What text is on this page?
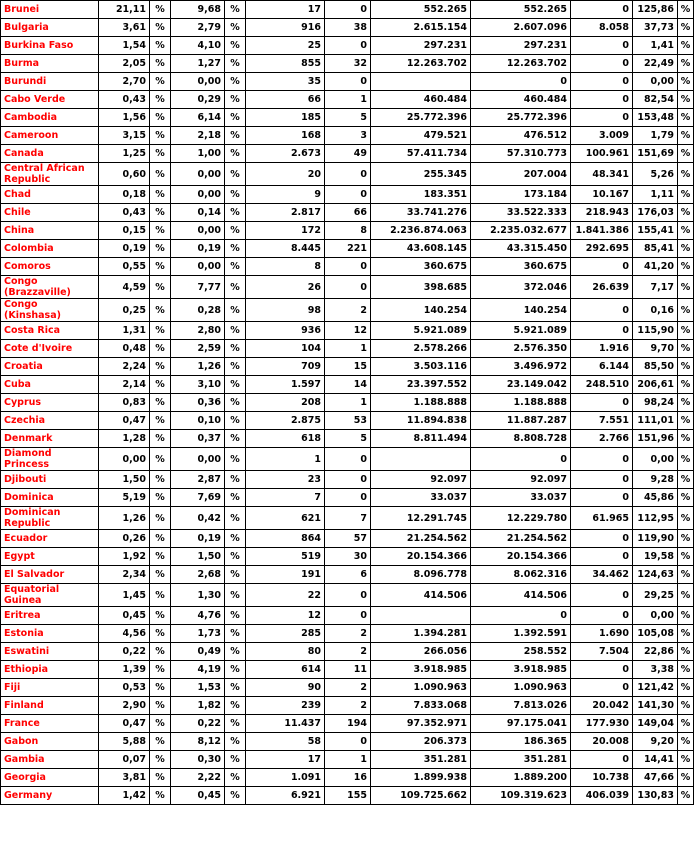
Brunei	21,11	%	9,68	%	17	0	552.265	552.265	0	125,86	%
Bulgaria	3,61	%	2,79	%	916	38	2.615.154	2.607.096	8.058	37,73	%
Burkina Faso	1,54	%	4,10	%	25	0	297.231	297.231	0	1,41	%
Burma	2,05	%	1,27	%	855	32	12.263.702	12.263.702	0	22,49	%
Burundi	2,70	%	0,00	%	35	0		0	0	0,00	%
Cabo Verde	0,43	%	0,29	%	66	1	460.484	460.484	0	82,54	%
Cambodia	1,56	%	6,14	%	185	5	25.772.396	25.772.396	0	153,48	%
Cameroon	3,15	%	2,18	%	168	3	479.521	476.512	3.009	1,79	%
Canada	1,25	%	1,00	%	2.673	49	57.411.734	57.310.773	100.961	151,69	%
Central African Republic	0,60	%	0,00	%	20	0	255.345	207.004	48.341	5,26	%
Chad	0,18	%	0,00	%	9	0	183.351	173.184	10.167	1,11	%
Chile	0,43	%	0,14	%	2.817	66	33.741.276	33.522.333	218.943	176,03	%
China	0,15	%	0,00	%	172	8	2.236.874.063	2.235.032.677	1.841.386	155,41	%
Colombia	0,19	%	0,19	%	8.445	221	43.608.145	43.315.450	292.695	85,41	%
Comoros	0,55	%	0,00	%	8	0	360.675	360.675	0	41,20	%
Congo (Brazzaville)	4,59	%	7,77	%	26	0	398.685	372.046	26.639	7,17	%
Congo (Kinshasa)	0,25	%	0,28	%	98	2	140.254	140.254	0	0,16	%
Costa Rica	1,31	%	2,80	%	936	12	5.921.089	5.921.089	0	115,90	%
Cote d'Ivoire	0,48	%	2,59	%	104	1	2.578.266	2.576.350	1.916	9,70	%
Croatia	2,24	%	1,26	%	709	15	3.503.116	3.496.972	6.144	85,50	%
Cuba	2,14	%	3,10	%	1.597	14	23.397.552	23.149.042	248.510	206,61	%
Cyprus	0,83	%	0,36	%	208	1	1.188.888	1.188.888	0	98,24	%
Czechia	0,47	%	0,10	%	2.875	53	11.894.838	11.887.287	7.551	111,01	%
Denmark	1,28	%	0,37	%	618	5	8.811.494	8.808.728	2.766	151,96	%
Diamond Princess	0,00	%	0,00	%	1	0		0	0	0,00	%
Djibouti	1,50	%	2,87	%	23	0	92.097	92.097	0	9,28	%
Dominica	5,19	%	7,69	%	7	0	33.037	33.037	0	45,86	%
Dominican Republic	1,26	%	0,42	%	621	7	12.291.745	12.229.780	61.965	112,95	%
Ecuador	0,26	%	0,19	%	864	57	21.254.562	21.254.562	0	119,90	%
Egypt	1,92	%	1,50	%	519	30	20.154.366	20.154.366	0	19,58	%
El Salvador	2,34	%	2,68	%	191	6	8.096.778	8.062.316	34.462	124,63	%
Equatorial Guinea	1,45	%	1,30	%	22	0	414.506	414.506	0	29,25	%
Eritrea	0,45	%	4,76	%	12	0		0	0	0,00	%
Estonia	4,56	%	1,73	%	285	2	1.394.281	1.392.591	1.690	105,08	%
Eswatini	0,22	%	0,49	%	80	2	266.056	258.552	7.504	22,86	%
Ethiopia	1,39	%	4,19	%	614	11	3.918.985	3.918.985	0	3,38	%
Fiji	0,53	%	1,53	%	90	2	1.090.963	1.090.963	0	121,42	%
Finland	2,90	%	1,82	%	239	2	7.833.068	7.813.026	20.042	141,30	%
France	0,47	%	0,22	%	11.437	194	97.352.971	97.175.041	177.930	149,04	%
Gabon	5,88	%	8,12	%	58	0	206.373	186.365	20.008	9,20	%
Gambia	0,07	%	0,30	%	17	1	351.281	351.281	0	14,41	%
Georgia	3,81	%	2,22	%	1.091	16	1.899.938	1.889.200	10.738	47,66	%
Germany	1,42	%	0,45	%	6.921	155	109.725.662	109.319.623	406.039	130,83	%
